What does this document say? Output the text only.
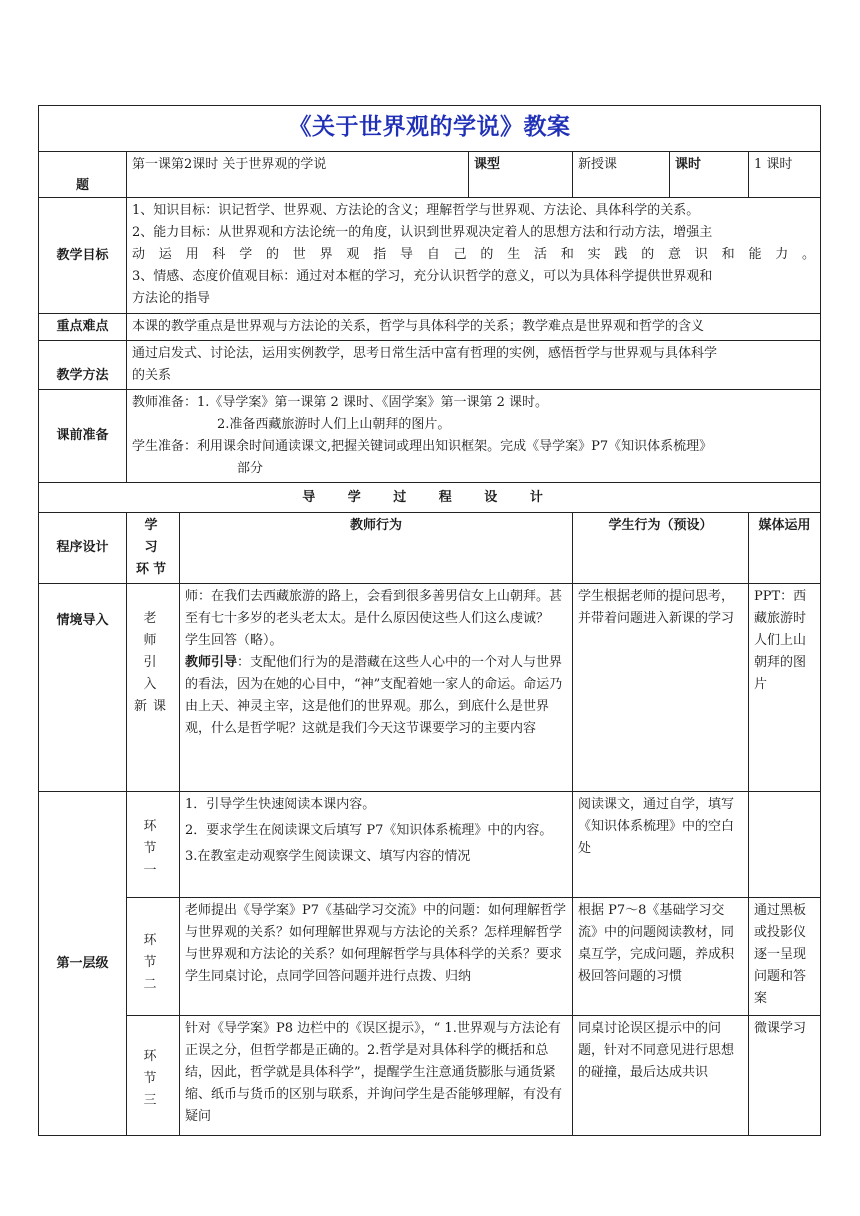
《关于世界观的学说》教案						
题	第一课第2课时 关于世界观的学说		课型	新授课	课时	1 课时
教学目标	1、知识目标：识记哲学、世界观、方法论的含义；理解哲学与世界观、方法论、具体科学的关系。
2、能力目标：从世界观和方法论统一的角度，认识到世界观决定着人的思想方法和行动方法，增强主
动运用科学的世界观指导自己的生活和实践的意识和能力。
3、情感、态度价值观目标：通过对本框的学习，充分认识哲学的意义，可以为具体科学提供世界观和
方法论的指导					

重点难点	本课的教学重点是世界观与方法论的关系，哲学与具体科学的关系；教学难点是世界观和哲学的含义					
教学方法	通过启发式、讨论法，运用实例教学，思考日常生活中富有哲理的实例，感悟哲学与世界观与具体科学
的关系					

课前准备	教师准备：1.《导学案》第一课第 2 课时、《固学案》第一课第 2 课时。
2.准备西藏旅游时人们上山朝拜的图片。
学生准备：利用课余时间通读课文,把握关键词或理出知识框架。完成《导学案》P7《知识体系梳理》
部分					

导 学 过 程 设 计						
程序设计	学 习 环节	教师行为		学生行为（预设）		媒体运用
情境导入	老 师 引 入 新课	师：在我们去西藏旅游的路上，会看到很多善男信女上山朝拜。甚至有七十多岁的老头老太太。是什么原因使这些人们这么虔诚？

学生回答（略）。

教师引导：支配他们行为的是潜藏在这些人心中的一个对人与世界的看法，因为在她的心目中，“神”支配着她一家人的命运。命运乃由上天、神灵主宰，这是他们的世界观。那么，到底什么是世界观，什么是哲学呢？这就是我们今天这节课要学习的主要内容		学生根据老师的提问思考，并带着问题进入新课的学习		PPT：西藏旅游时人们上山朝拜的图片
第一层级	环 节 一	1．引导学生快速阅读本课内容。

2．要求学生在阅读课文后填写 P7《知识体系梳理》中的内容。

3.在教室走动观察学生阅读课文、填写内容的情况		阅读课文，通过自学，填写《知识体系梳理》中的空白处		
	环 节 二	老师提出《导学案》P7《基础学习交流》中的问题：如何理解哲学与世界观的关系？如何理解世界观与方法论的关系？怎样理解哲学与世界观和方法论的关系？如何理解哲学与具体科学的关系？要求学生同桌讨论，点同学回答问题并进行点拨、归纳		根据 P7～8《基础学习交流》中的问题阅读教材，同桌互学，完成问题，养成积极回答问题的习惯		通过黑板或投影仪逐一呈现问题和答案
	环 节 三	针对《导学案》P8 边栏中的《误区提示》，“ 1.世界观与方法论有正误之分，但哲学都是正确的。2.哲学是对具体科学的概括和总结，因此，哲学就是具体科学”，提醒学生注意通货膨胀与通货紧缩、纸币与货币的区别与联系，并询问学生是否能够理解，有没有疑问		同桌讨论误区提示中的问题，针对不同意见进行思想的碰撞，最后达成共识		微课学习
